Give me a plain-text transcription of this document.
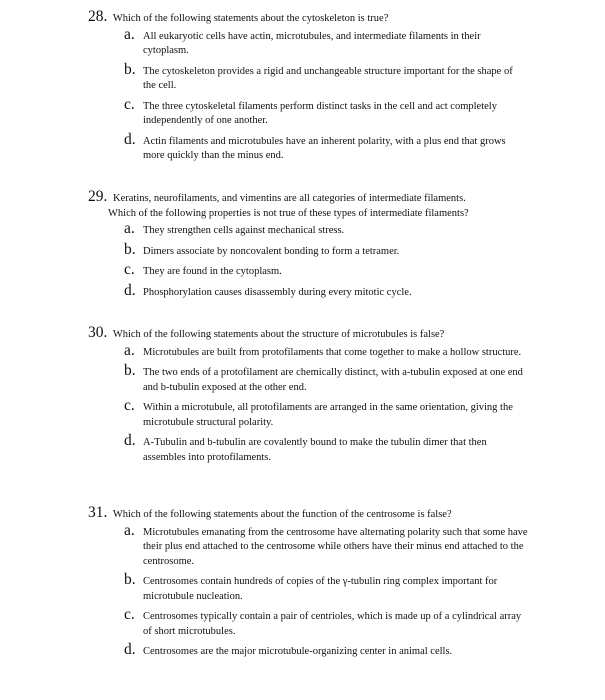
28. Which of the following statements about the cytoskeleton is true?
a. All eukaryotic cells have actin, microtubules, and intermediate filaments in their cytoplasm.
b. The cytoskeleton provides a rigid and unchangeable structure important for the shape of the cell.
c. The three cytoskeletal filaments perform distinct tasks in the cell and act completely independently of one another.
d. Actin filaments and microtubules have an inherent polarity, with a plus end that grows more quickly than the minus end.
29. Keratins, neurofilaments, and vimentins are all categories of intermediate filaments.
Which of the following properties is not true of these types of intermediate filaments?
a. They strengthen cells against mechanical stress.
b. Dimers associate by noncovalent bonding to form a tetramer.
c. They are found in the cytoplasm.
d. Phosphorylation causes disassembly during every mitotic cycle.
30. Which of the following statements about the structure of microtubules is false?
a. Microtubules are built from protofilaments that come together to make a hollow structure.
b. The two ends of a protofilament are chemically distinct, with a-tubulin exposed at one end and b-tubulin exposed at the other end.
c. Within a microtubule, all protofilaments are arranged in the same orientation, giving the microtubule structural polarity.
d. A-Tubulin and b-tubulin are covalently bound to make the tubulin dimer that then assembles into protofilaments.
31. Which of the following statements about the function of the centrosome is false?
a. Microtubules emanating from the centrosome have alternating polarity such that some have their plus end attached to the centrosome while others have their minus end attached to the centrosome.
b. Centrosomes contain hundreds of copies of the γ-tubulin ring complex important for microtubule nucleation.
c. Centrosomes typically contain a pair of centrioles, which is made up of a cylindrical array of short microtubules.
d. Centrosomes are the major microtubule-organizing center in animal cells.
